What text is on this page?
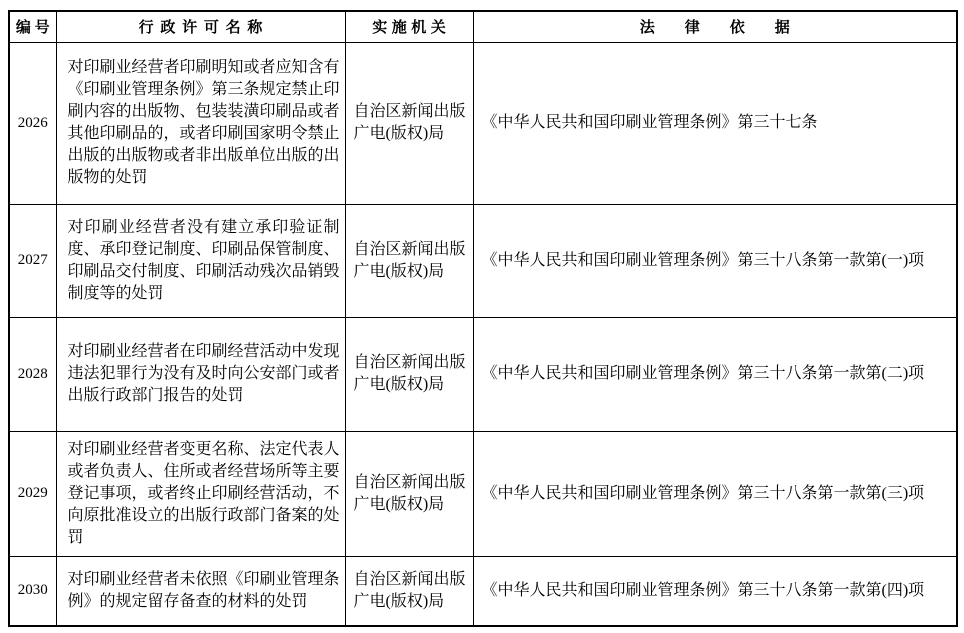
编号	行政许可名称	实施机关	法律依据
2026	对印刷业经营者印刷明知或者应知含有《印刷业管理条例》第三条规定禁止印刷内容的出版物、包装装潢印刷品或者其他印刷品的，或者印刷国家明令禁止出版的出版物或者非出版单位出版的出版物的处罚	自治区新闻出版广电(版权)局	《中华人民共和国印刷业管理条例》第三十七条
2027	对印刷业经营者没有建立承印验证制度、承印登记制度、印刷品保管制度、印刷品交付制度、印刷活动残次品销毁制度等的处罚	自治区新闻出版广电(版权)局	《中华人民共和国印刷业管理条例》第三十八条第一款第(一)项
2028	对印刷业经营者在印刷经营活动中发现违法犯罪行为没有及时向公安部门或者出版行政部门报告的处罚	自治区新闻出版广电(版权)局	《中华人民共和国印刷业管理条例》第三十八条第一款第(二)项
2029	对印刷业经营者变更名称、法定代表人或者负责人、住所或者经营场所等主要登记事项，或者终止印刷经营活动，不向原批准设立的出版行政部门备案的处罚	自治区新闻出版广电(版权)局	《中华人民共和国印刷业管理条例》第三十八条第一款第(三)项
2030	对印刷业经营者未依照《印刷业管理条例》的规定留存备查的材料的处罚	自治区新闻出版广电(版权)局	《中华人民共和国印刷业管理条例》第三十八条第一款第(四)项
